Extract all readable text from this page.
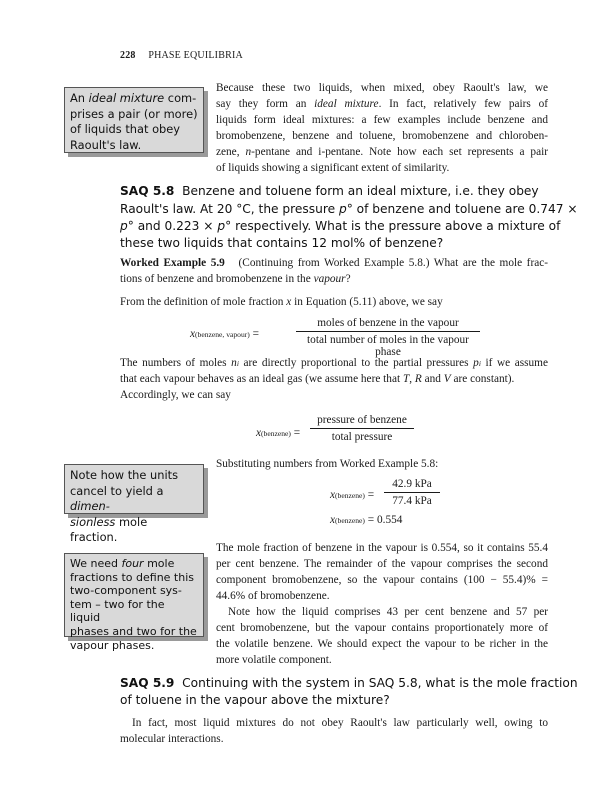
228 PHASE EQUILIBRIA
An ideal mixture com-
prises a pair (or more)
of liquids that obey
Raoult's law.
Because these two liquids, when mixed, obey Raoult's law, we
say they form an ideal mixture. In fact, relatively few pairs of
liquids form ideal mixtures: a few examples include benzene and
bromobenzene, benzene and toluene, bromobenzene and chloroben-
zene, n-pentane and i-pentane. Note how each set represents a pair
of liquids showing a significant extent of similarity.
SAQ 5.8 Benzene and toluene form an ideal mixture, i.e. they obey
Raoult's law. At 20 °C, the pressure p° of benzene and toluene are 0.747 ×
p° and 0.223 × p° respectively. What is the pressure above a mixture of
these two liquids that contains 12 mol% of benzene?
Worked Example 5.9 (Continuing from Worked Example 5.8.) What are the mole frac-
tions of benzene and bromobenzene in the vapour?
From the definition of mole fraction x in Equation (5.11) above, we say
x(benzene, vapour) =
moles of benzene in the vapour
total number of moles in the vapour phase
The numbers of moles ni are directly proportional to the partial pressures pi if we assume
that each vapour behaves as an ideal gas (we assume here that T, R and V are constant).
Accordingly, we can say
x(benzene) =
pressure of benzene
total pressure
Substituting numbers from Worked Example 5.8:
Note how the units
cancel to yield a dimen-
sionless mole fraction.
x(benzene) =
42.9 kPa
77.4 kPa
x(benzene) = 0.554
We need four mole
fractions to define this
two-component sys-
tem – two for the liquid
phases and two for the
vapour phases.
The mole fraction of benzene in the vapour is 0.554, so it contains 55.4
per cent benzene. The remainder of the vapour comprises the second
component bromobenzene, so the vapour contains (100 − 55.4)% =
44.6% of bromobenzene.
Note how the liquid comprises 43 per cent benzene and 57 per
cent bromobenzene, but the vapour contains proportionately more of
the volatile benzene. We should expect the vapour to be richer in the
more volatile component.
SAQ 5.9 Continuing with the system in SAQ 5.8, what is the mole fraction
of toluene in the vapour above the mixture?
In fact, most liquid mixtures do not obey Raoult's law particularly well, owing to
molecular interactions.
